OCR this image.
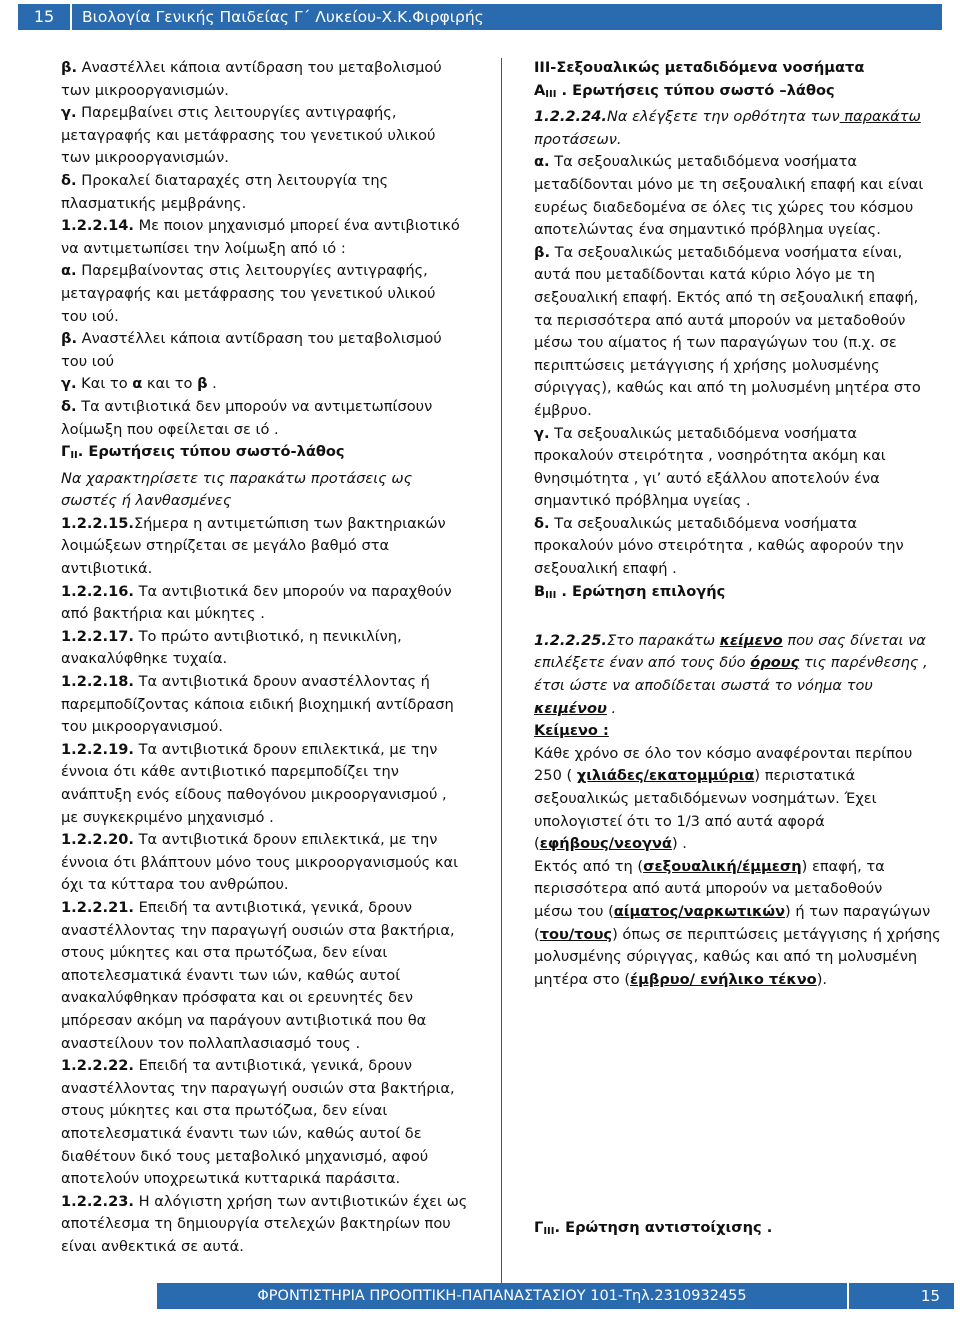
15	Βιολογία Γενικής Παιδείας Γ΄ Λυκείου-Χ.Κ.Φιρφιρής

β. Αναστέλλει κάποια αντίδραση του μεταβολισμού

των μικροοργανισμών.

γ. Παρεμβαίνει στις λειτουργίες αντιγραφής,

μεταγραφής και μετάφρασης του γενετικού υλικού

των μικροοργανισμών.

δ. Προκαλεί διαταραχές στη λειτουργία της

πλασματικής μεμβράνης.

1.2.2.14. Με ποιον μηχανισμό μπορεί ένα αντιβιοτικό

να αντιμετωπίσει την λοίμωξη από ιό :

α. Παρεμβαίνοντας στις λειτουργίες αντιγραφής,

μεταγραφής και μετάφρασης του γενετικού υλικού

του ιού.

β. Αναστέλλει κάποια αντίδραση του μεταβολισμού

του ιού

γ. Και το α και το β .

δ. Τα αντιβιοτικά δεν μπορούν να αντιμετωπίσουν

λοίμωξη που οφείλεται σε ιό .

$\Gamma_{II}$. Ερωτήσεις τύπου σωστό-λάθος

Να χαρακτηρίσετε τις παρακάτω προτάσεις ως

σωστές ή λανθασμένες

1.2.2.15.Σήμερα η αντιμετώπιση των βακτηριακών

λοιμώξεων στηρίζεται σε μεγάλο βαθμό στα

αντιβιοτικά.

1.2.2.16. Τα αντιβιοτικά δεν μπορούν να παραχθούν

από βακτήρια και μύκητες .

1.2.2.17. Το πρώτο αντιβιοτικό, η πενικιλίνη,

ανακαλύφθηκε τυχαία.

1.2.2.18. Τα αντιβιοτικά δρουν αναστέλλοντας ή

παρεμποδίζοντας κάποια ειδική βιοχημική αντίδραση

του μικροοργανισμού.

1.2.2.19. Τα αντιβιοτικά δρουν επιλεκτικά, με την

έννοια ότι κάθε αντιβιοτικό παρεμποδίζει την

ανάπτυξη ενός είδους παθογόνου μικροοργανισμού ,

με συγκεκριμένο μηχανισμό .

1.2.2.20. Τα αντιβιοτικά δρουν επιλεκτικά, με την

έννοια ότι βλάπτουν μόνο τους μικροοργανισμούς και

όχι τα κύτταρα του ανθρώπου.

1.2.2.21. Επειδή τα αντιβιοτικά, γενικά, δρουν

αναστέλλοντας την παραγωγή ουσιών στα βακτήρια,

στους μύκητες και στα πρωτόζωα, δεν είναι

αποτελεσματικά έναντι των ιών, καθώς αυτοί

ανακαλύφθηκαν πρόσφατα και οι ερευνητές δεν

μπόρεσαν ακόμη να παράγουν αντιβιοτικά που θα

αναστείλουν τον πολλαπλασιασμό τους .

1.2.2.22. Επειδή τα αντιβιοτικά, γενικά, δρουν

αναστέλλοντας την παραγωγή ουσιών στα βακτήρια,

στους μύκητες και στα πρωτόζωα, δεν είναι

αποτελεσματικά έναντι των ιών, καθώς αυτοί δε

διαθέτουν δικό τους μεταβολικό μηχανισμό, αφού

αποτελούν υποχρεωτικά κυτταρικά παράσιτα.

1.2.2.23. Η αλόγιστη χρήση των αντιβιοτικών έχει ως

αποτέλεσμα τη δημιουργία στελεχών βακτηρίων που

είναι ανθεκτικά σε αυτά.

ΙΙΙ-Σεξουαλικώς μεταδιδόμενα νοσήματα

$A_{III}$ . Ερωτήσεις τύπου σωστό –λάθος

1.2.2.24.Να ελέγξετε την ορθότητα των παρακάτω

προτάσεων.

α. Τα σεξουαλικώς μεταδιδόμενα νοσήματα

μεταδίδονται μόνο με τη σεξουαλική επαφή και είναι

ευρέως διαδεδομένα σε όλες τις χώρες του κόσμου

αποτελώντας ένα σημαντικό πρόβλημα υγείας.

β. Τα σεξουαλικώς μεταδιδόμενα νοσήματα είναι,

αυτά που μεταδίδονται κατά κύριο λόγο με τη

σεξουαλική επαφή. Εκτός από τη σεξουαλική επαφή,

τα περισσότερα από αυτά μπορούν να μεταδοθούν

μέσω του αίματος ή των παραγώγων του (π.χ. σε

περιπτώσεις μετάγγισης ή χρήσης μολυσμένης

σύριγγας), καθώς και από τη μολυσμένη μητέρα στο

έμβρυο.

γ. Τα σεξουαλικώς μεταδιδόμενα νοσήματα

προκαλούν στειρότητα , νοσηρότητα ακόμη και

θνησιμότητα , γι’ αυτό εξάλλου αποτελούν ένα

σημαντικό πρόβλημα υγείας .

δ. Τα σεξουαλικώς μεταδιδόμενα νοσήματα

προκαλούν μόνο στειρότητα , καθώς αφορούν την

σεξουαλική επαφή .

$B_{III}$ . Ερώτηση επιλογής

1.2.2.25.Στο παρακάτω κείμενο που σας δίνεται να

επιλέξετε έναν από τους δύο όρους τις παρένθεσης ,

έτσι ώστε να αποδίδεται σωστά το νόημα του

κειμένου .

Κείμενο :

Κάθε χρόνο σε όλο τον κόσμο αναφέρονται περίπου

250 ( χιλιάδες/εκατομμύρια) περιστατικά

σεξουαλικώς μεταδιδόμενων νοσημάτων. Έχει

υπολογιστεί ότι το 1/3 από αυτά αφορά

(εφήβους/νεογνά) .

Εκτός από τη (σεξουαλική/έμμεση) επαφή, τα

περισσότερα από αυτά μπορούν να μεταδοθούν

μέσω του (αίματος/ναρκωτικών) ή των παραγώγων

(του/τους) όπως σε περιπτώσεις μετάγγισης ή χρήσης

μολυσμένης σύριγγας, καθώς και από τη μολυσμένη

μητέρα στο (έμβρυο/ ενήλικο τέκνο).

$\Gamma_{III}$. Ερώτηση αντιστοίχισης .

ΦΡΟΝΤΙΣΤΗΡΙΑ ΠΡΟΟΠΤΙΚΗ-ΠΑΠΑΝΑΣΤΑΣΙΟΥ 101-Τηλ.2310932455	15
